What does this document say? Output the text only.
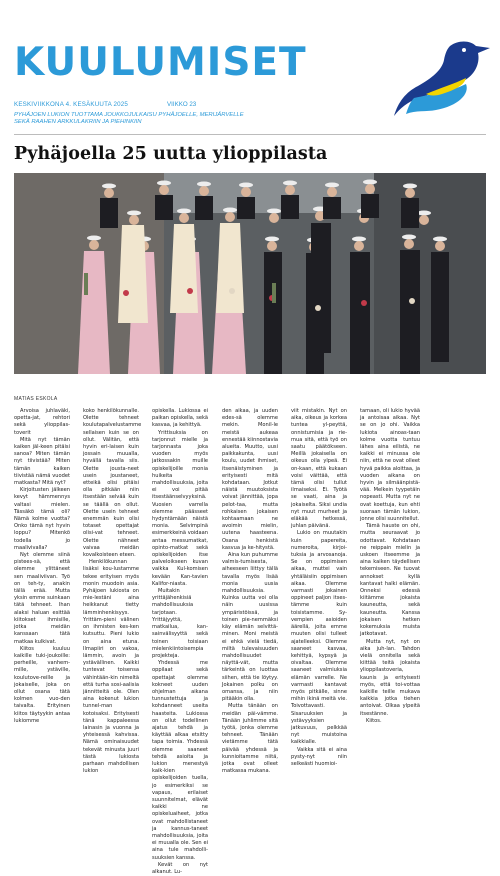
KUULUMISET
KESKIVIIKKONA 4. KESÄKUUTA 2025	VIIKKO 23
PYHÄJOEN LUKION TUOTTAMA JOUKKOJULKAISU PYHÄJOELLE, MERIJÄRVELLE
SEKÄ RAAHEN ARKKULAKRIIN JA PIEHINKIIN
Pyhäjoella 25 uutta ylioppilasta
MATIAS ESKOLA

Arvoisa juhlaväki, opetta-jat, rehtori sekä ylioppilas-toverit

Mitä nyt tämän kaiken jäl-keen pitäisi sanoa? Miten tämän nyt tiivistää? Miten tämän kaiken tiivistää nämä vuodet matkasta? Mitä nyt?

Kirjoitusten jälkeen kevyt hämmennys valtasi mielen. Tässäkö tämä oli? Nämä kolme vuotta? Onko tämä nyt hyvin loppu? Mitenkö todella jo maalivivalla?

Nyt olemme siinä pistees-sä, että olemme ylittäneet sen maaliviivan. Työ on teh-ty, anakin tällä erää. Mutta yksin emme suinkaan tätä tehneet. Ihan alaksi haluan esittää kiitokset ihmisille, jotka meidän kanssaan tätä matkaa kulkivat.

Kiitos kuuluu kaikille tuki-joukoille: perheille, vanhem-mille, ystäville, koulutove-reille ja jokaiselle, joka on ollut osana tätä kolmen vuo-den taivalta. Erityinen kiitos täytyykin antaa lukiomme

koko henkilökunnalle. Olette tehneet koulutapalvelustamme sellaisen kuin se on ollut. Välitän, että hyvin eri-laisen kuin jossain muualla, hyvällä tavalla siis. Olette jousta-neet usein joustaneet, etteikä olisi pitäisi olla pitkään niin itsestään selvää kuin se täällä on ollut. Olette usein tehneet enemmän kuin olisi totaset opettajat olisi-vat tehneet. Olette nähneet vaivaa meidän kovalkoisteen eteen.

Henkilökunnan lisäksi kou-lustamme tekee erityisen myös monin muodoin asia. Pyhäjoen lukiosta on mie-lestäni aina heikkanut tietty lämminhenkisyys. Yrittäm-pieni välinen on ihmisten kes-ken kutsuttu. Pieni lukio on aina etuna. Ilmapiiri on vakoa, lämmin, avoin ja ystävällinen. Kaikki tuntevat toisensa vähintään-kin nimeltä että turha sosi-aalisia jännitteitä ole. Olen aina kokenut lukion tunnel-man kotoisaksi. Erityisesti tänä kappaleessa lainasin ja vuonna ja yhteisessä kahvissa. Nämä ominaisuudet tekevät minusta juuri tästä lukiosta parhaan mahdollisen lukion

opiskella. Lukiossa ei paikan opiskella, sekä kasvaa, ja kehittyä.

Yrittisuksia on tarjonnut mielle ja tarjonnasta joka vuoden myös jatkossakin muille opiskelijoille monia huikeita mahdollisuuksia, joita ei voi pitää itsestäänselvyyksinä. Vuosien varrella olemme päässeet hydyntämään näistä monia. Selvimpinä esimerkkeinä voidaan antaa messumatkat, opinto-matkat sekä opiskelijoiden itse palveloikseen kuvan vaikka Kul-komisen kevään Kan-tavien Kalifor-niasta.

Muitakin yrittäjähenkisiä mahdollisuuksia tarjotaan. Yrittäjyyttä, matkailua, kan-sainvälisyyttä sekä toinen toisiaan mielenkiintoisempia projekteja.

Yhdessä me oppilaat sekä opettajat olemme kokneet uuden ohjelman aikana tunnustettuja ja kohdanneet useita haasteita. Lukiossa on ollut todellinen ajatus tehdä ja käyttää alkaa etsitty tapa toimia. Yhdessä olemme saaneet tehdä asioita ja lukion menestyä kaik-kien opiskelijoiden tuella, jo esimerkiksi se vapaus, erilaiset suunnitelmat, elävät kaikki ne opiskeluaiheet, jotka ovat mahdollistaneet ja kannus-taneet mahdollisuuksia, joita ei muualla ole. Sen ei aina tule mahdolli-suuksien kanssa.

Kevät on nyt alkanut. Lu-

den aikaa, ja uuden edes-sä olemme mekin. Monil-le meistä aukeaa ennestää kiinnostavia alueita. Muutto, uusi paikkakunta, uusi koulu, uudet ihmiset, itsenäistyminen ja erityisesti mitä kohdataan. Jotkut näistä muutoksista voivat jännittää, jopa pelot-taa, mutta rohkaisen jokaisen kohtaamaan ne avoimin mielin, uutena haasteena. Osana henkistä kasvua ja ke-hitystä.

Aina kun puhumme valmis-tumisesta, aiheeseen liittyy tällä tavalla myös lisää monia uusia mahdollisuuksia. Kuinka uutta voi olla näin uusissa ympäristöissä, ja toinen pie-nemmäksi käy elämän selvittä-minen. Moni meistä ei ehkä vielä tiedä, miltä tulevaisuuden mahdollisuudet näyttä-vät, mutta tärkeintä on luottaa siihen, että tie löytyy. Jokainen polku on omansa, ja niin pitääkin olla.

Mutta tänään on meidän päi-vämme. Tänään juhlimme sitä työtä, jonka olemme tehneet. Tänään vietämme tätä päivää yhdessä ja kunnioitamme niitä, jotka ovat olleet matkassa mukana.

viit mistakin. Nyt on aika, oikeus ja korkea tuntea yl-peyttä, onnistumisia ja rie-mua sitä, että työ on saatu päätökseen. Meillä jokaisella on oikeus olla ylpeä. Ei on-kaan, että kukaan voisi väittää, että tämä olisi tullut ilmaiseksi. Ei. Työtä se vaati, aina ja jokaiselta. Siksi undia nyt muut murheet ja eläkää hetkessä, juhlan päivänä.

Lukio on muutakin kuin papereita, numeroita, kirjoi-tuksia ja arvosanoja. Se on oppimisen aikaa, muttei vain yhtäläisiin oppimisen aikaa. Olemme varmasti jokainen oppineet paljon itses-tämme kuin toisistamme. Sy-vempien asioiden äärellä, joita emme muuten olisi tulleet ajatelleeksi. Olemme saaneet kasvaa, kehittyä, kypsyä ja oivaltaa. Olemme saaneet valmiuksia elämän varrelle. Ne varmasti kantavat myös pitkälle, sinne mihin ikinä meitä vie. Toivottavasti. Sisaruuksien ja ystävyyksien jatkuvuus, pelkkää nyt muistoina kaikkialle.

Vaikka sitä ei aina pysty-nyt niin selkeästi huomioi-

tamaan, oli lukio hyvää ja antoisaa aikaa. Nyt se on jo ohi. Vaikka lukiota ainoas-taan kolme vuotta tuntuu lähes aina eilistä, ne kaikki ei minussa ole niin, että ne ovat olleet hyvä paikka aloittaa, ja vuoden aikana on hyvin ja silmäänpistä-vää. Melkein tyypetäin nopeasti. Mutta nyt ne ovat koettuja, kun ehti suoraan tämän lukion, jonne olisi suunnitellut.

Tämä hauste on ohi, mutta seuraavat jo odottavat. Kohdataan ne reippain mielin ja uskoen itseemme ja aina kaiken täydellisen tekemiseen. Ne tuovat annokset kyllä kantavat halki elämän. Onneksi edessä kiitämme jokaista kauneutta, sekä kauneutta. Kanssa jokaisen hetken kokemuksia muista jatkotavat.

Mutta nyt, nyt on aika juh-lan. Tahdon vielä onnitella sekä kiittää teitä jokaista ylioppilastoveria, kaunis ja erityisesti myös, että toi-vottaa kaikille teille mukava kaikkia jotka tiehen antoivat. Olkaa ylpeitä itsestänne.

Kiitos.
